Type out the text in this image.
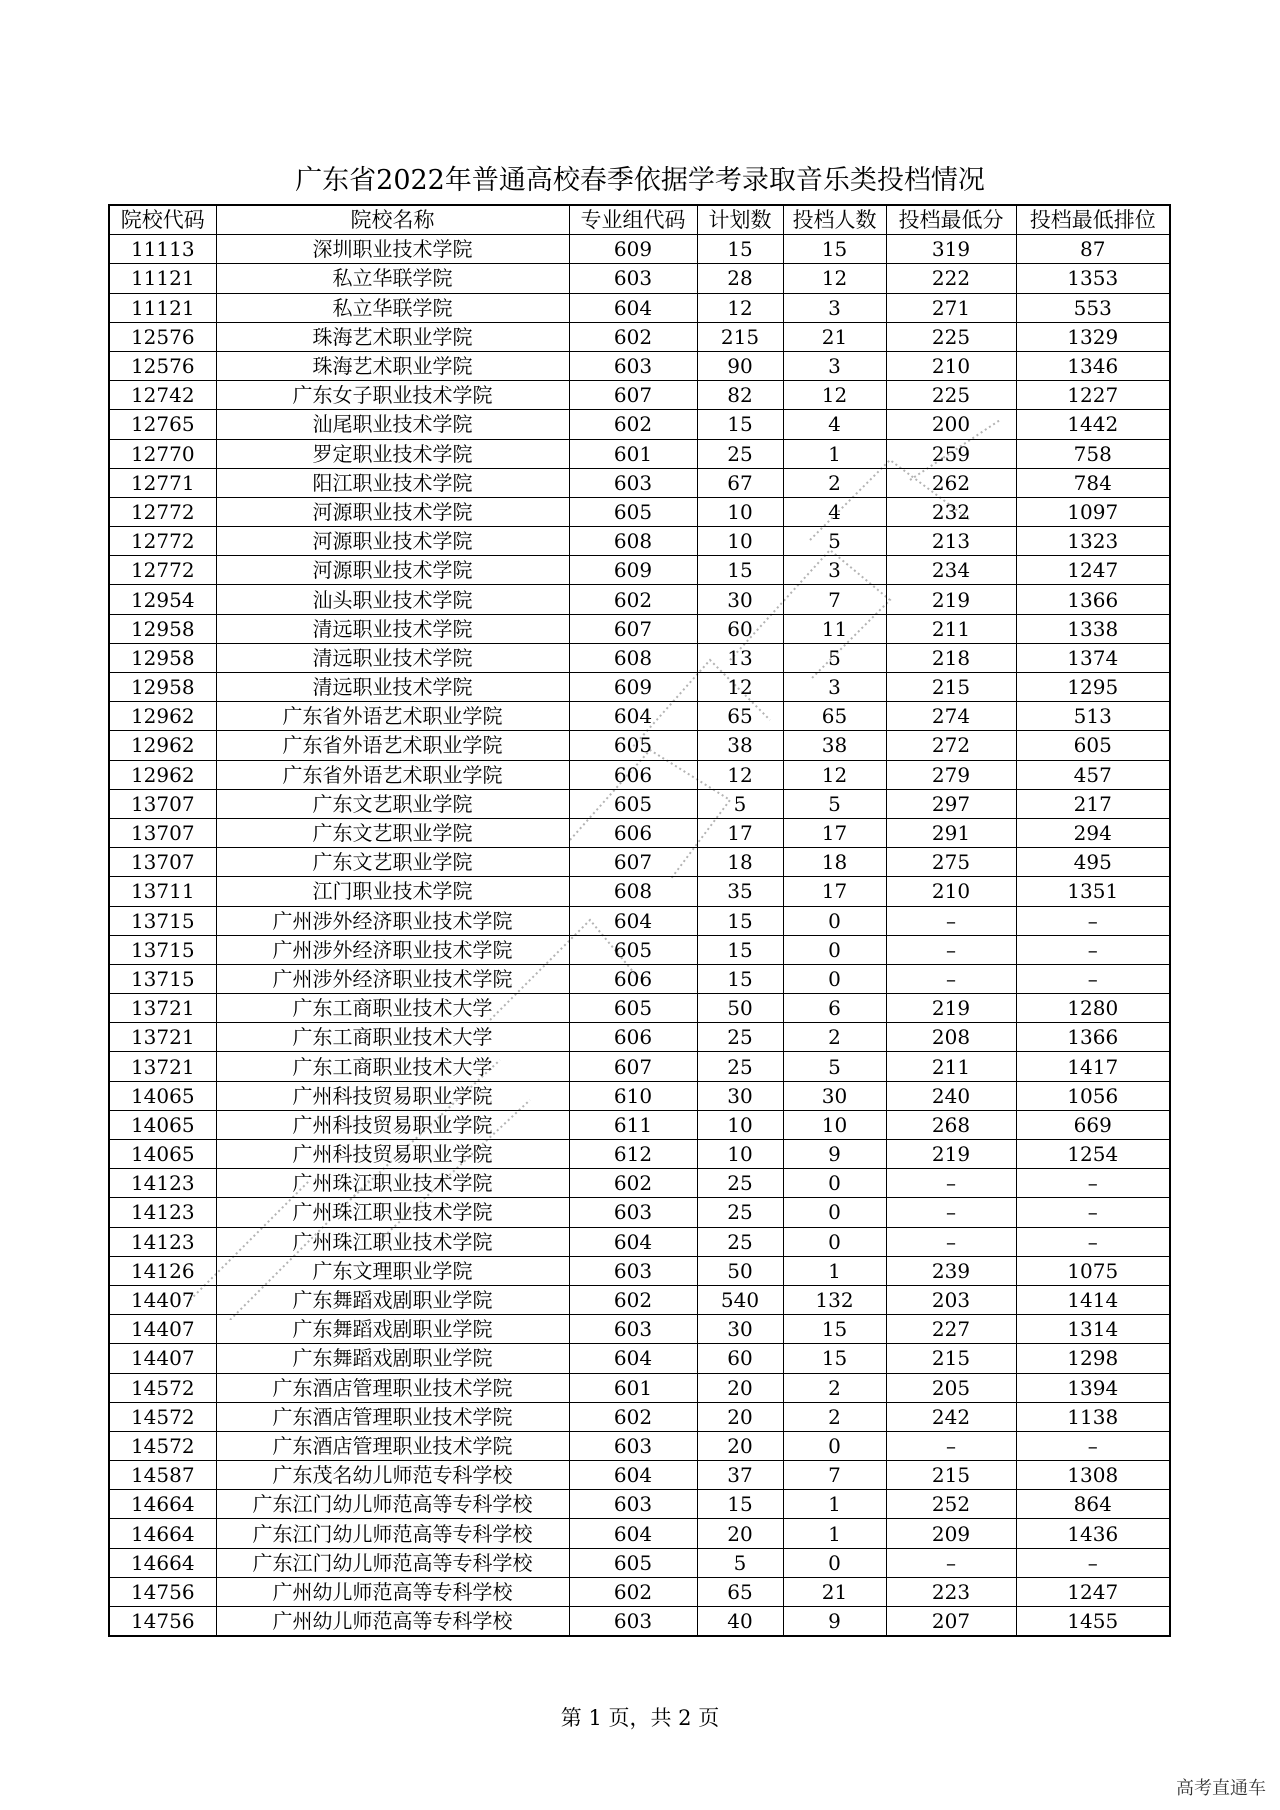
广东省2022年普通高校春季依据学考录取音乐类投档情况
院校代码	院校名称	专业组代码	计划数	投档人数	投档最低分	投档最低排位
11113	深圳职业技术学院	609	15	15	319	87
11121	私立华联学院	603	28	12	222	1353
11121	私立华联学院	604	12	3	271	553
12576	珠海艺术职业学院	602	215	21	225	1329
12576	珠海艺术职业学院	603	90	3	210	1346
12742	广东女子职业技术学院	607	82	12	225	1227
12765	汕尾职业技术学院	602	15	4	200	1442
12770	罗定职业技术学院	601	25	1	259	758
12771	阳江职业技术学院	603	67	2	262	784
12772	河源职业技术学院	605	10	4	232	1097
12772	河源职业技术学院	608	10	5	213	1323
12772	河源职业技术学院	609	15	3	234	1247
12954	汕头职业技术学院	602	30	7	219	1366
12958	清远职业技术学院	607	60	11	211	1338
12958	清远职业技术学院	608	13	5	218	1374
12958	清远职业技术学院	609	12	3	215	1295
12962	广东省外语艺术职业学院	604	65	65	274	513
12962	广东省外语艺术职业学院	605	38	38	272	605
12962	广东省外语艺术职业学院	606	12	12	279	457
13707	广东文艺职业学院	605	5	5	297	217
13707	广东文艺职业学院	606	17	17	291	294
13707	广东文艺职业学院	607	18	18	275	495
13711	江门职业技术学院	608	35	17	210	1351
13715	广州涉外经济职业技术学院	604	15	0	–	–
13715	广州涉外经济职业技术学院	605	15	0	–	–
13715	广州涉外经济职业技术学院	606	15	0	–	–
13721	广东工商职业技术大学	605	50	6	219	1280
13721	广东工商职业技术大学	606	25	2	208	1366
13721	广东工商职业技术大学	607	25	5	211	1417
14065	广州科技贸易职业学院	610	30	30	240	1056
14065	广州科技贸易职业学院	611	10	10	268	669
14065	广州科技贸易职业学院	612	10	9	219	1254
14123	广州珠江职业技术学院	602	25	0	–	–
14123	广州珠江职业技术学院	603	25	0	–	–
14123	广州珠江职业技术学院	604	25	0	–	–
14126	广东文理职业学院	603	50	1	239	1075
14407	广东舞蹈戏剧职业学院	602	540	132	203	1414
14407	广东舞蹈戏剧职业学院	603	30	15	227	1314
14407	广东舞蹈戏剧职业学院	604	60	15	215	1298
14572	广东酒店管理职业技术学院	601	20	2	205	1394
14572	广东酒店管理职业技术学院	602	20	2	242	1138
14572	广东酒店管理职业技术学院	603	20	0	–	–
14587	广东茂名幼儿师范专科学校	604	37	7	215	1308
14664	广东江门幼儿师范高等专科学校	603	15	1	252	864
14664	广东江门幼儿师范高等专科学校	604	20	1	209	1436
14664	广东江门幼儿师范高等专科学校	605	5	0	–	–
14756	广州幼儿师范高等专科学校	602	65	21	223	1247
14756	广州幼儿师范高等专科学校	603	40	9	207	1455
第 1 页，共 2 页
高考直通车
